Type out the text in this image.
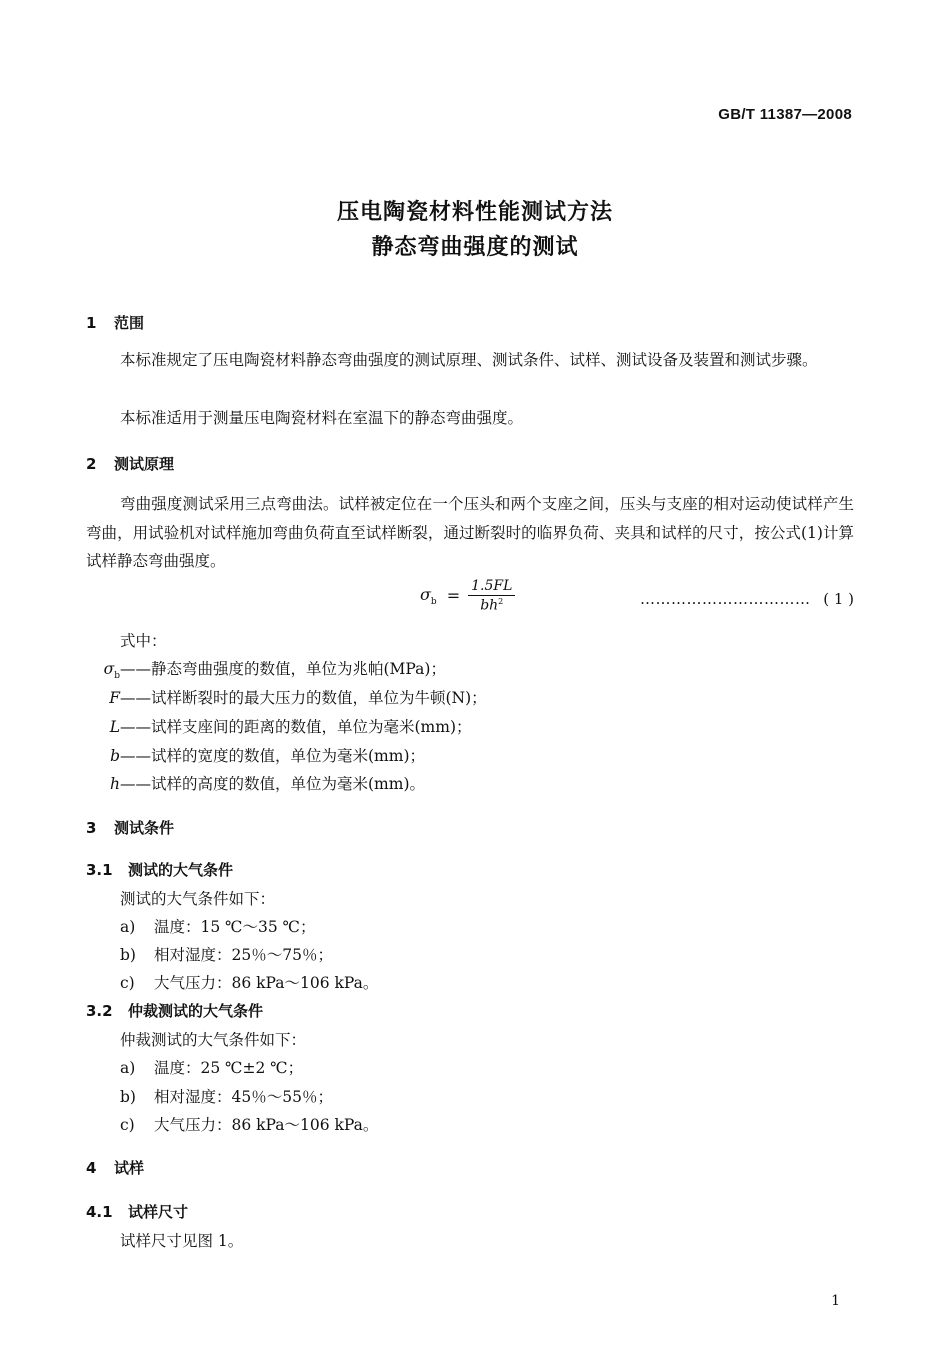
GB/T 11387—2008
压电陶瓷材料性能测试方法
静态弯曲强度的测试
1 范围
本标准规定了压电陶瓷材料静态弯曲强度的测试原理、测试条件、试样、测试设备及装置和测试步骤。
本标准适用于测量压电陶瓷材料在室温下的静态弯曲强度。
2 测试原理
弯曲强度测试采用三点弯曲法。试样被定位在一个压头和两个支座之间，压头与支座的相对运动使试样产生弯曲，用试验机对试样施加弯曲负荷直至试样断裂，通过断裂时的临界负荷、夹具和试样的尺寸，按公式(1)计算试样静态弯曲强度。
$\sigma_b = \frac{1.5FL}{bh^2}$	…………………………… ( 1 )
式中：
$\sigma_b——$静态弯曲强度的数值，单位为兆帕(MPa)；
F——试样断裂时的最大压力的数值，单位为牛顿(N)；
L——试样支座间的距离的数值，单位为毫米(mm)；
b——试样的宽度的数值，单位为毫米(mm)；
h——试样的高度的数值，单位为毫米(mm)。
3 测试条件
3.1 测试的大气条件
测试的大气条件如下：
a) 温度：15 ℃～35 ℃；
b) 相对湿度：25％～75％；
c) 大气压力：86 kPa～106 kPa。
3.2 仲裁测试的大气条件
仲裁测试的大气条件如下：
a) 温度：25 ℃±2 ℃；
b) 相对湿度：45％～55％；
c) 大气压力：86 kPa～106 kPa。
4 试样
4.1 试样尺寸
试样尺寸见图 1。
1
